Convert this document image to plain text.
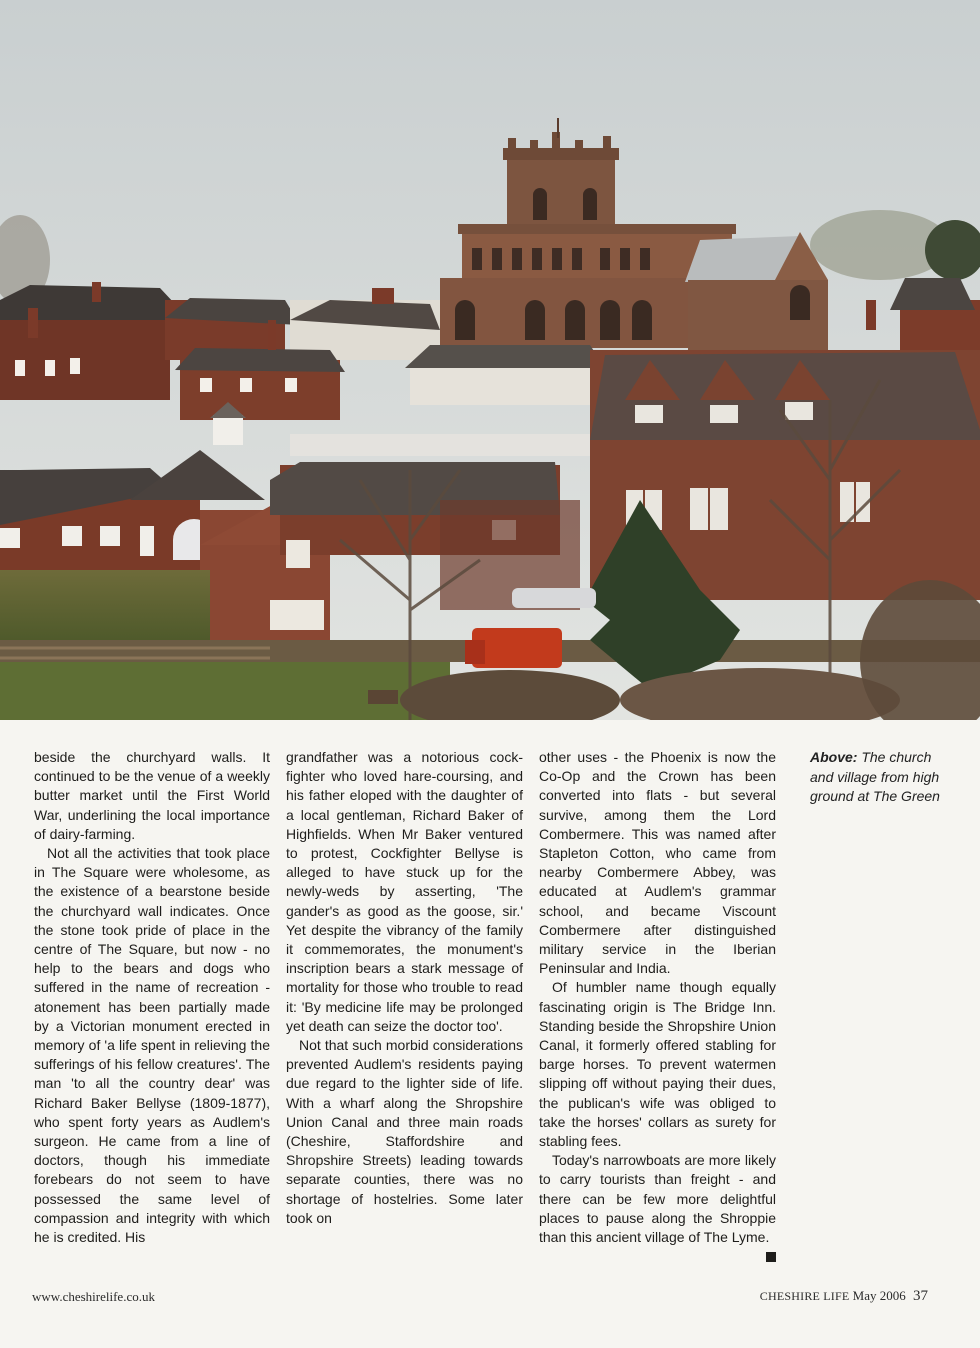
beside the churchyard walls. It continued to be the venue of a weekly butter market until the First World War, underlining the local importance of dairy-farming.

Not all the activities that took place in The Square were wholesome, as the existence of a bearstone beside the churchyard wall indicates. Once the stone took pride of place in the centre of The Square, but now - no help to the bears and dogs who suffered in the name of recreation - atonement has been partially made by a Victorian monument erected in memory of 'a life spent in relieving the sufferings of his fellow creatures'. The man 'to all the country dear' was Richard Baker Bellyse (1809-1877), who spent forty years as Audlem's surgeon. He came from a line of doctors, though his immediate forebears do not seem to have possessed the same level of compassion and integrity with which he is credited. His

grandfather was a notorious cock-fighter who loved hare-coursing, and his father eloped with the daughter of a local gentleman, Richard Baker of Highfields. When Mr Baker ventured to protest, Cockfighter Bellyse is alleged to have stuck up for the newly-weds by asserting, 'The gander's as good as the goose, sir.' Yet despite the vibrancy of the family it commemorates, the monument's inscription bears a stark message of mortality for those who trouble to read it: 'By medicine life may be prolonged yet death can seize the doctor too'.

Not that such morbid considerations prevented Audlem's residents paying due regard to the lighter side of life. With a wharf along the Shropshire Union Canal and three main roads (Cheshire, Staffordshire and Shropshire Streets) leading towards separate counties, there was no shortage of hostelries. Some later took on

other uses - the Phoenix is now the Co-Op and the Crown has been converted into flats - but several survive, among them the Lord Combermere. This was named after Stapleton Cotton, who came from nearby Combermere Abbey, was educated at Audlem's grammar school, and became Viscount Combermere after distinguished military service in the Iberian Peninsular and India.

Of humbler name though equally fascinating origin is The Bridge Inn. Standing beside the Shropshire Union Canal, it formerly offered stabling for barge horses. To prevent watermen slipping off without paying their dues, the publican's wife was obliged to take the horses' collars as surety for stabling fees.

Today's narrowboats are more likely to carry tourists than freight - and there can be few more delightful places to pause along the Shroppie than this ancient village of The Lyme.

Above: The church and village from high ground at The Green
www.cheshirelife.co.uk	CHESHIRE LIFE May 2006 37
